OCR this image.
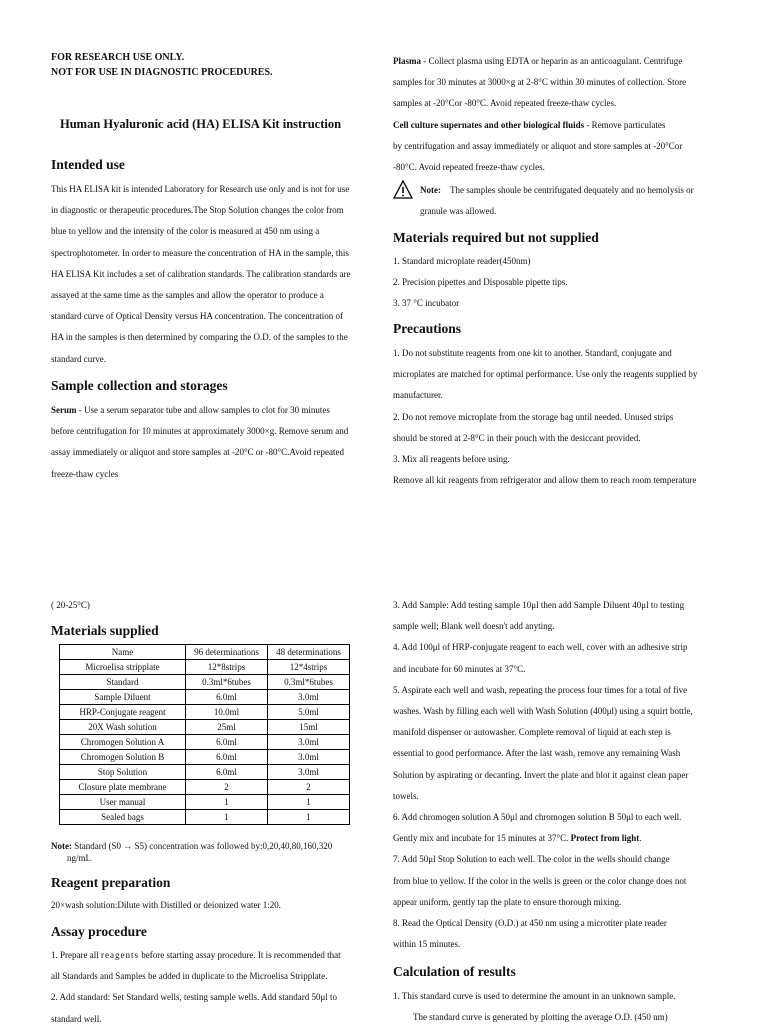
FOR RESEARCH USE ONLY.
NOT FOR USE IN DIAGNOSTIC PROCEDURES.
Human Hyaluronic acid (HA) ELISA Kit instruction
Intended use
This HA ELISA kit is intended Laboratory for Research use only and is not for use
in diagnostic or therapeutic procedures.The Stop Solution changes the color from
blue to yellow and the intensity of the color is measured at 450 nm using a
spectrophotometer. In order to measure the concentration of HA in the sample, this
HA ELISA Kit includes a set of calibration standards. The calibration standards are
assayed at the same time as the samples and allow the operator to produce a
standard curve of Optical Density versus HA concentration. The concentration of
HA in the samples is then determined by comparing the O.D. of the samples to the
standard curve.
Sample collection and storages
Serum - Use a serum separator tube and allow samples to clot for 30 minutes
before centrifugation for 10 minutes at approximately 3000×g. Remove serum and
assay immediately or aliquot and store samples at -20°C or -80°C.Avoid repeated
freeze-thaw cycles
Plasma - Collect plasma using EDTA or heparin as an anticoagulant. Centrifuge
samples for 30 minutes at 3000×g at 2-8°C within 30 minutes of collection. Store
samples at -20°Cor -80°C. Avoid repeated freeze-thaw cycles.
Cell culture supernates and other biological fluids - Remove particulates
by centrifugation and assay immediately or aliquot and store samples at -20°Cor
-80°C. Avoid repeated freeze-thaw cycles.
Note: The samples shoule be centrifugated dequately and no hemolysis or
granule was allowed.
Materials required but not supplied
1. Standard microplate reader(450nm)
2. Precision pipettes and Disposable pipette tips.
3. 37 °C incubator
Precautions
1. Do not substitute reagents from one kit to another. Standard, conjugate and
microplates are matched for optimal performance. Use only the reagents supplied by
manufacturer.
2. Do not remove microplate from the storage bag until needed. Unused strips
should be stored at 2-8°C in their pouch with the desiccant provided.
3. Mix all reagents before using.
Remove all kit reagents from refrigerator and allow them to reach room temperature
( 20-25°C)
Materials supplied
Name	96 determinations	48 determinations
Microelisa stripplate	12*8strips	12*4strips
Standard	0.3ml*6tubes	0.3ml*6tubes
Sample Diluent	6.0ml	3.0ml
HRP-Conjugate reagent	10.0ml	5.0ml
20X Wash solution	25ml	15ml
Chromogen Solution A	6.0ml	3.0ml
Chromogen Solution B	6.0ml	3.0ml
Stop Solution	6.0ml	3.0ml
Closure plate membrane	2	2
User manual	1	1
Sealed bags	1	1
Note: Standard (S0 → S5) concentration was followed by:0,20,40,80,160,320
ng/mL
Reagent preparation
20×wash solution:Dilute with Distilled or deionized water 1:20.
Assay procedure
1. Prepare all reagents before starting assay procedure. It is recommended that
all Standards and Samples be added in duplicate to the Microelisa Stripplate.
2. Add standard: Set Standard wells, testing sample wells. Add standard 50μl to
standard well.
3. Add Sample: Add testing sample 10μl then add Sample Diluent 40μl to testing
sample well; Blank well doesn't add anyting.
4. Add 100μl of HRP-conjugate reagent to each well, cover with an adhesive strip
and incubate for 60 minutes at 37°C.
5. Aspirate each well and wash, repeating the process four times for a total of five
washes. Wash by filling each well with Wash Solution (400μl) using a squirt bottle,
manifold dispenser or autowasher. Complete removal of liquid at each step is
essential to good performance. After the last wash, remove any remaining Wash
Solution by aspirating or decanting. Invert the plate and blot it against clean paper
towels.
6. Add chromogen solution A 50μl and chromogen solution B 50μl to each well.
Gently mix and incubate for 15 minutes at 37°C. Protect from light.
7. Add 50μl Stop Solution to each well. The color in the wells should change
from blue to yellow. If the color in the wells is green or the color change does not
appear uniform, gently tap the plate to ensure thorough mixing.
8. Read the Optical Density (O.D.) at 450 nm using a microtiter plate reader
within 15 minutes.
Calculation of results
1. This standard curve is used to determine the amount in an unknown sample.
The standard curve is generated by plotting the average O.D. (450 nm)
